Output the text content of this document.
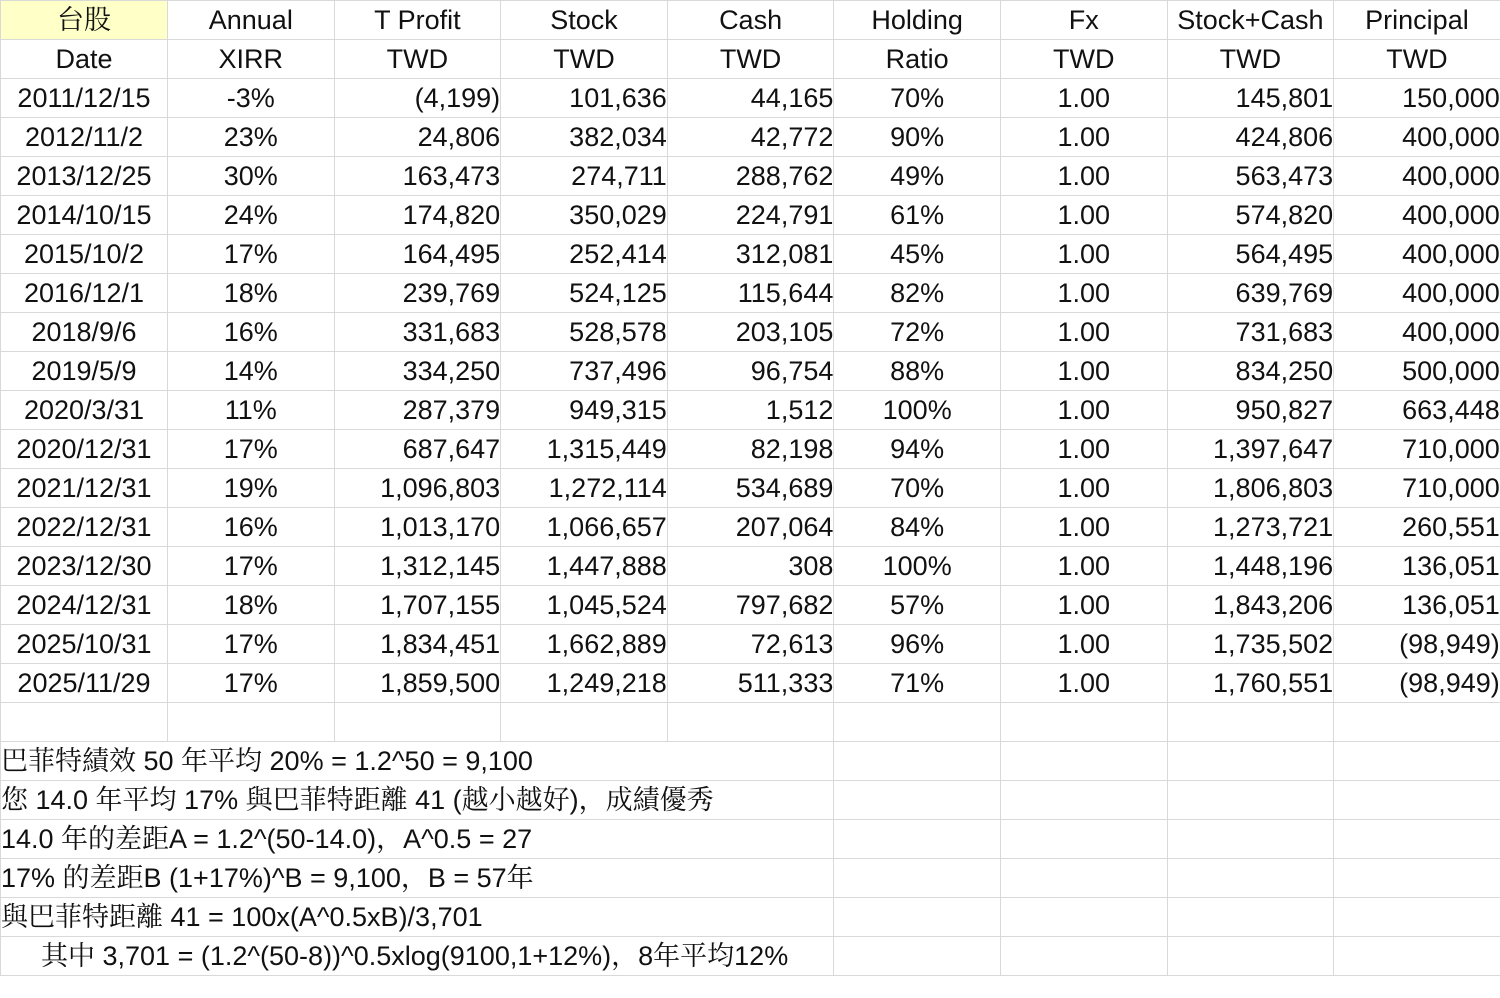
台股	Annual	T Profit	Stock	Cash	Holding	Fx	Stock+Cash	Principal
Date	XIRR	TWD	TWD	TWD	Ratio	TWD	TWD	TWD
2011/12/15	-3%	(4,199)	101,636	44,165	70%	1.00	145,801	150,000
2012/11/2	23%	24,806	382,034	42,772	90%	1.00	424,806	400,000
2013/12/25	30%	163,473	274,711	288,762	49%	1.00	563,473	400,000
2014/10/15	24%	174,820	350,029	224,791	61%	1.00	574,820	400,000
2015/10/2	17%	164,495	252,414	312,081	45%	1.00	564,495	400,000
2016/12/1	18%	239,769	524,125	115,644	82%	1.00	639,769	400,000
2018/9/6	16%	331,683	528,578	203,105	72%	1.00	731,683	400,000
2019/5/9	14%	334,250	737,496	96,754	88%	1.00	834,250	500,000
2020/3/31	11%	287,379	949,315	1,512	100%	1.00	950,827	663,448
2020/12/31	17%	687,647	1,315,449	82,198	94%	1.00	1,397,647	710,000
2021/12/31	19%	1,096,803	1,272,114	534,689	70%	1.00	1,806,803	710,000
2022/12/31	16%	1,013,170	1,066,657	207,064	84%	1.00	1,273,721	260,551
2023/12/30	17%	1,312,145	1,447,888	308	100%	1.00	1,448,196	136,051
2024/12/31	18%	1,707,155	1,045,524	797,682	57%	1.00	1,843,206	136,051
2025/10/31	17%	1,834,451	1,662,889	72,613	96%	1.00	1,735,502	(98,949)
2025/11/29	17%	1,859,500	1,249,218	511,333	71%	1.00	1,760,551	(98,949)

巴菲特績效 50 年平均 20% = 1.2^50 = 9,100								
您 14.0 年平均 17% 與巴菲特距離 41 (越小越好)，成績優秀								
14.0 年的差距A = 1.2^(50-14.0)，A^0.5 = 27								
17% 的差距B (1+17%)^B = 9,100，B = 57年								
與巴菲特距離 41 = 100x(A^0.5xB)/3,701								
其中 3,701 = (1.2^(50-8))^0.5xlog(9100,1+12%)，8年平均12%								
